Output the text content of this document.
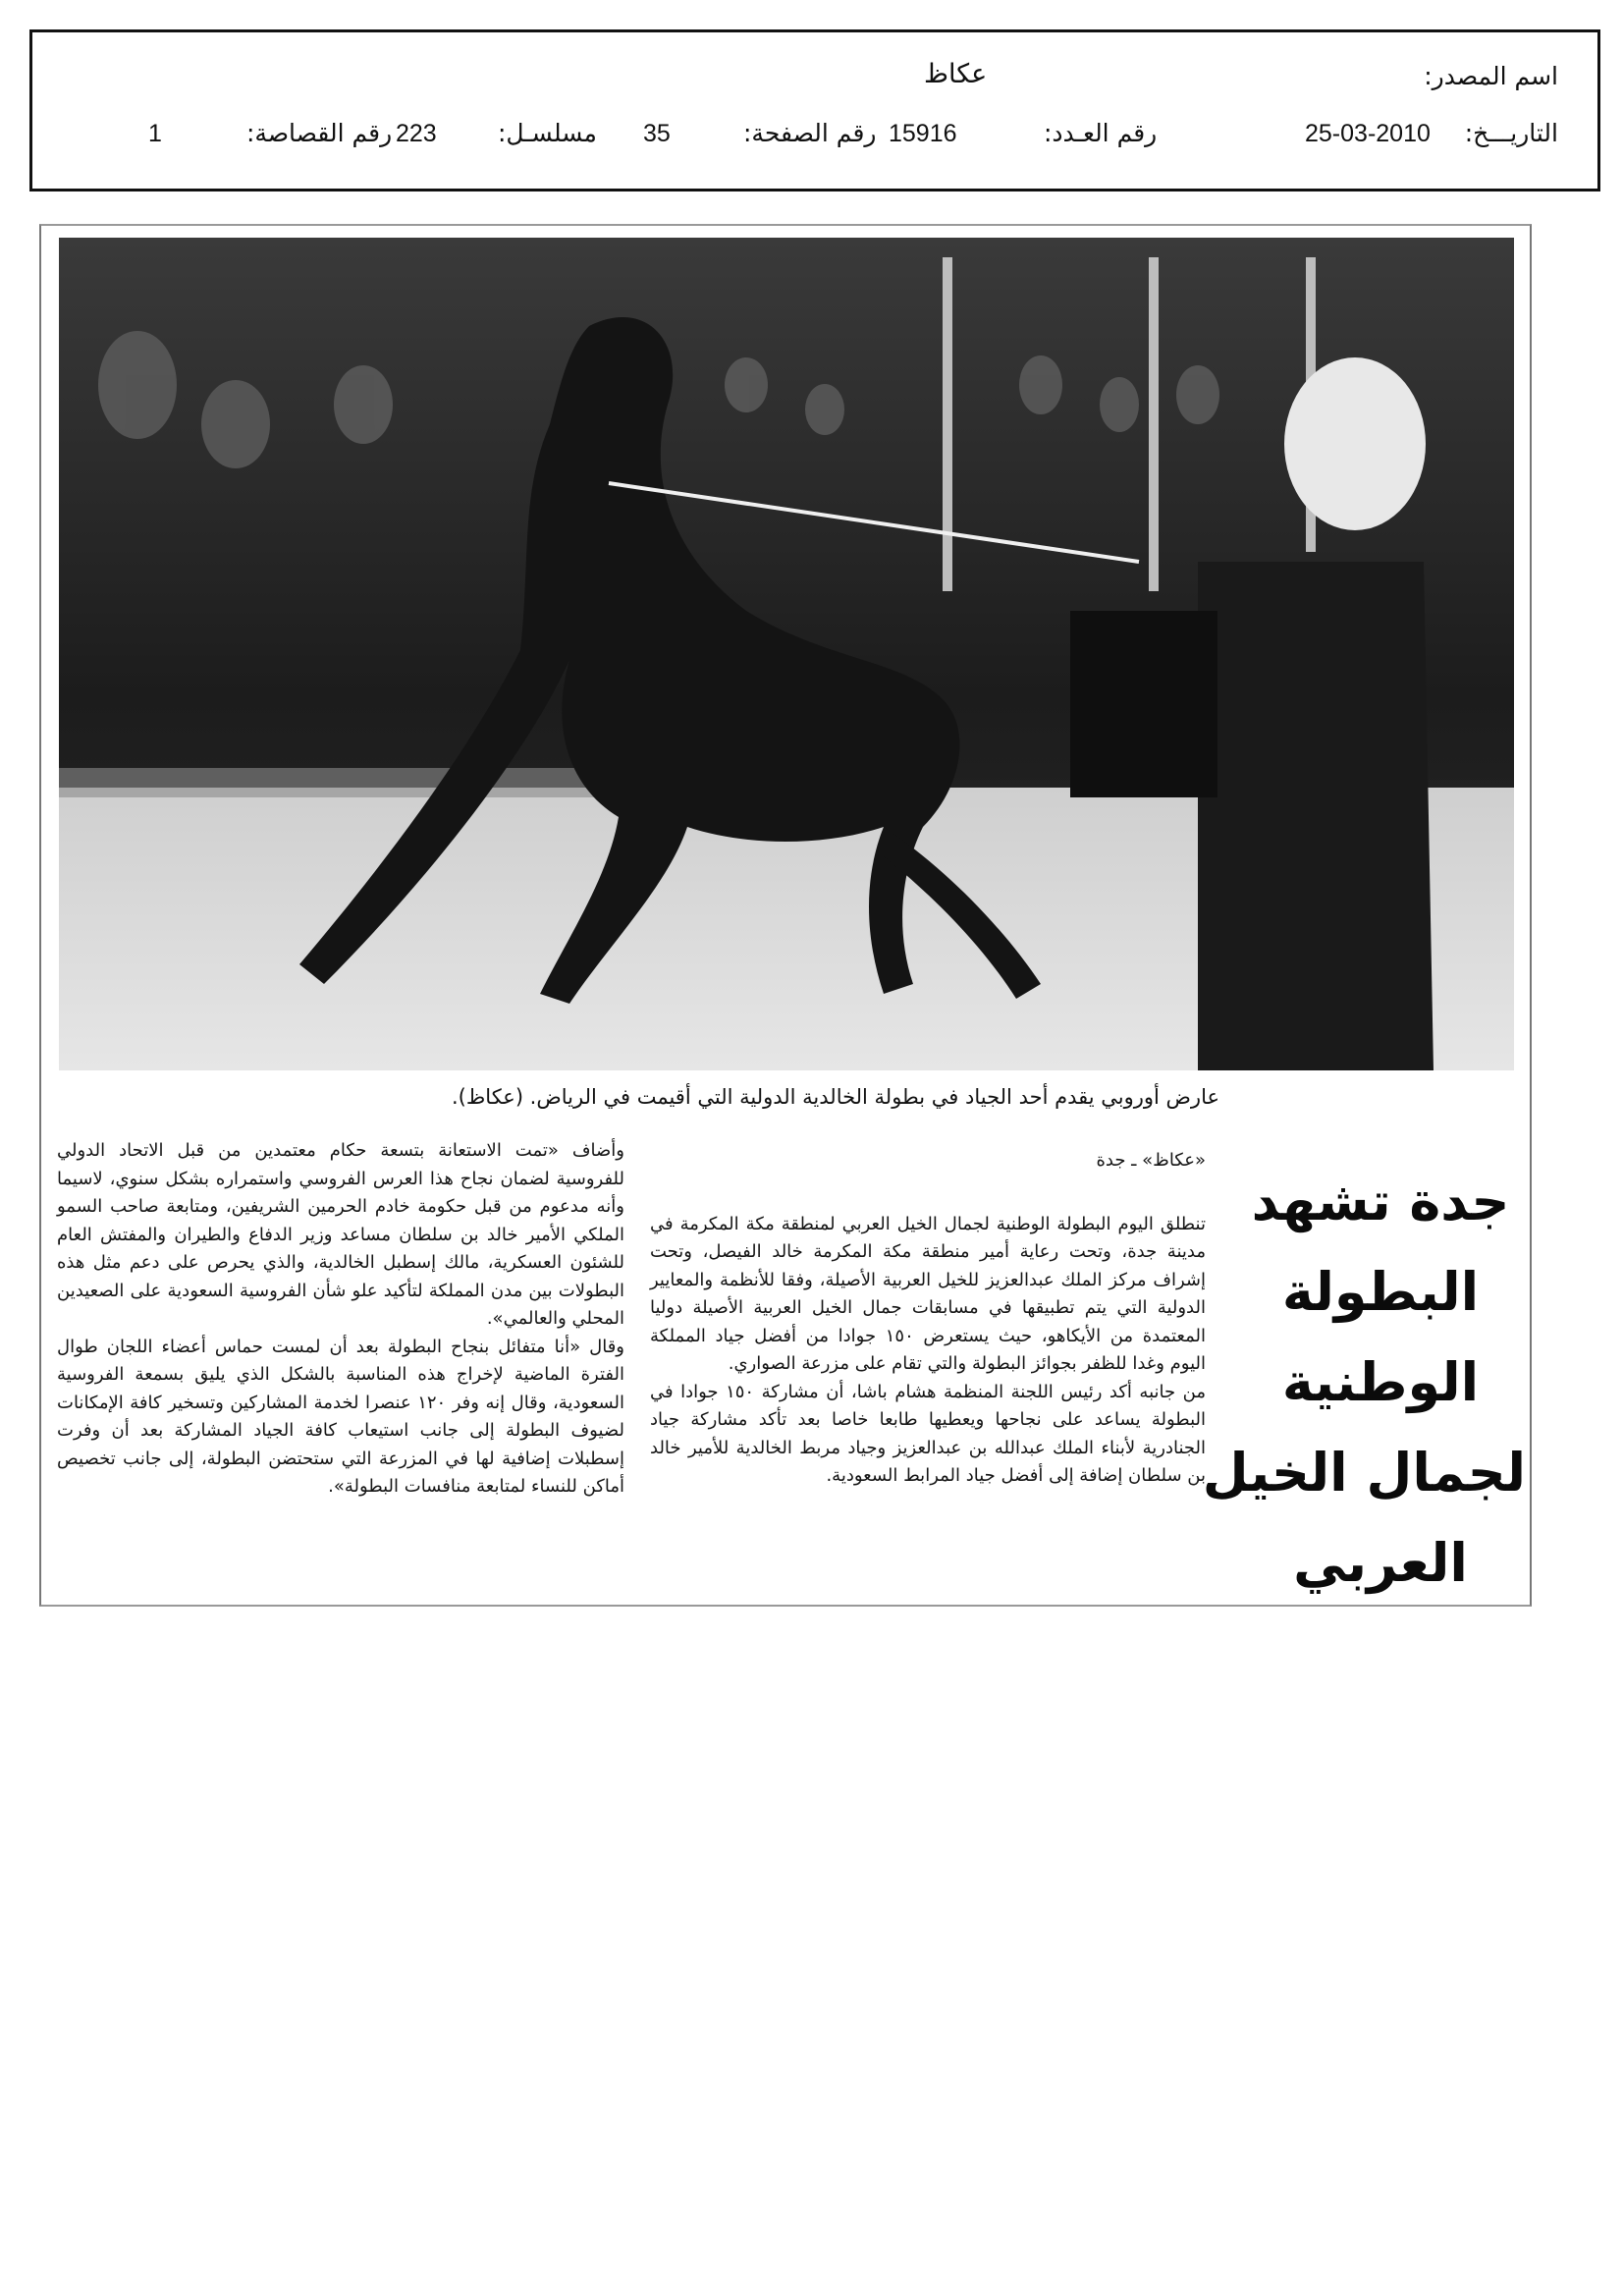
اسم المصدر:
عكاظ
التاريـــخ:
25-03-2010
رقم العـدد:
15916
رقم الصفحة:
35
مسلسـل:
223
رقم القصاصة:
1
عارض أوروبي يقدم أحد الجياد في بطولة الخالدية الدولية التي أقيمت في الرياض. (عكاظ).
جدة تشهد
البطولة
الوطنية
لجمال الخيل
العربي

«عكاظ» ـ جدة

تنطلق اليوم البطولة الوطنية لجمال الخيل العربي لمنطقة مكة المكرمة في مدينة جدة، وتحت رعاية أمير منطقة مكة المكرمة خالد الفيصل، وتحت إشراف مركز الملك عبدالعزيز للخيل العربية الأصيلة، وفقا للأنظمة والمعايير الدولية التي يتم تطبيقها في مسابقات جمال الخيل العربية الأصيلة دوليا المعتمدة من الأيكاهو، حيث يستعرض ١٥٠ جوادا من أفضل جياد المملكة اليوم وغدا للظفر بجوائز البطولة والتي تقام على مزرعة الصواري.

من جانبه أكد رئيس اللجنة المنظمة هشام باشا، أن مشاركة ١٥٠ جوادا في البطولة يساعد على نجاحها ويعطيها طابعا خاصا بعد تأكد مشاركة جياد الجنادرية لأبناء الملك عبدالله بن عبدالعزيز وجياد مربط الخالدية للأمير خالد بن سلطان إضافة إلى أفضل جياد المرابط السعودية.

وأضاف «تمت الاستعانة بتسعة حكام معتمدين من قبل الاتحاد الدولي للفروسية لضمان نجاح هذا العرس الفروسي واستمراره بشكل سنوي، لاسيما وأنه مدعوم من قبل حكومة خادم الحرمين الشريفين، ومتابعة صاحب السمو الملكي الأمير خالد بن سلطان مساعد وزير الدفاع والطيران والمفتش العام للشئون العسكرية، مالك إسطبل الخالدية، والذي يحرص على دعم مثل هذه البطولات بين مدن المملكة لتأكيد علو شأن الفروسية السعودية على الصعيدين المحلي والعالمي».

وقال «أنا متفائل بنجاح البطولة بعد أن لمست حماس أعضاء اللجان طوال الفترة الماضية لإخراج هذه المناسبة بالشكل الذي يليق بسمعة الفروسية السعودية، وقال إنه وفر ١٢٠ عنصرا لخدمة المشاركين وتسخير كافة الإمكانات لضيوف البطولة إلى جانب استيعاب كافة الجياد المشاركة بعد أن وفرت إسطبلات إضافية لها في المزرعة التي ستحتضن البطولة، إلى جانب تخصيص أماكن للنساء لمتابعة منافسات البطولة».
